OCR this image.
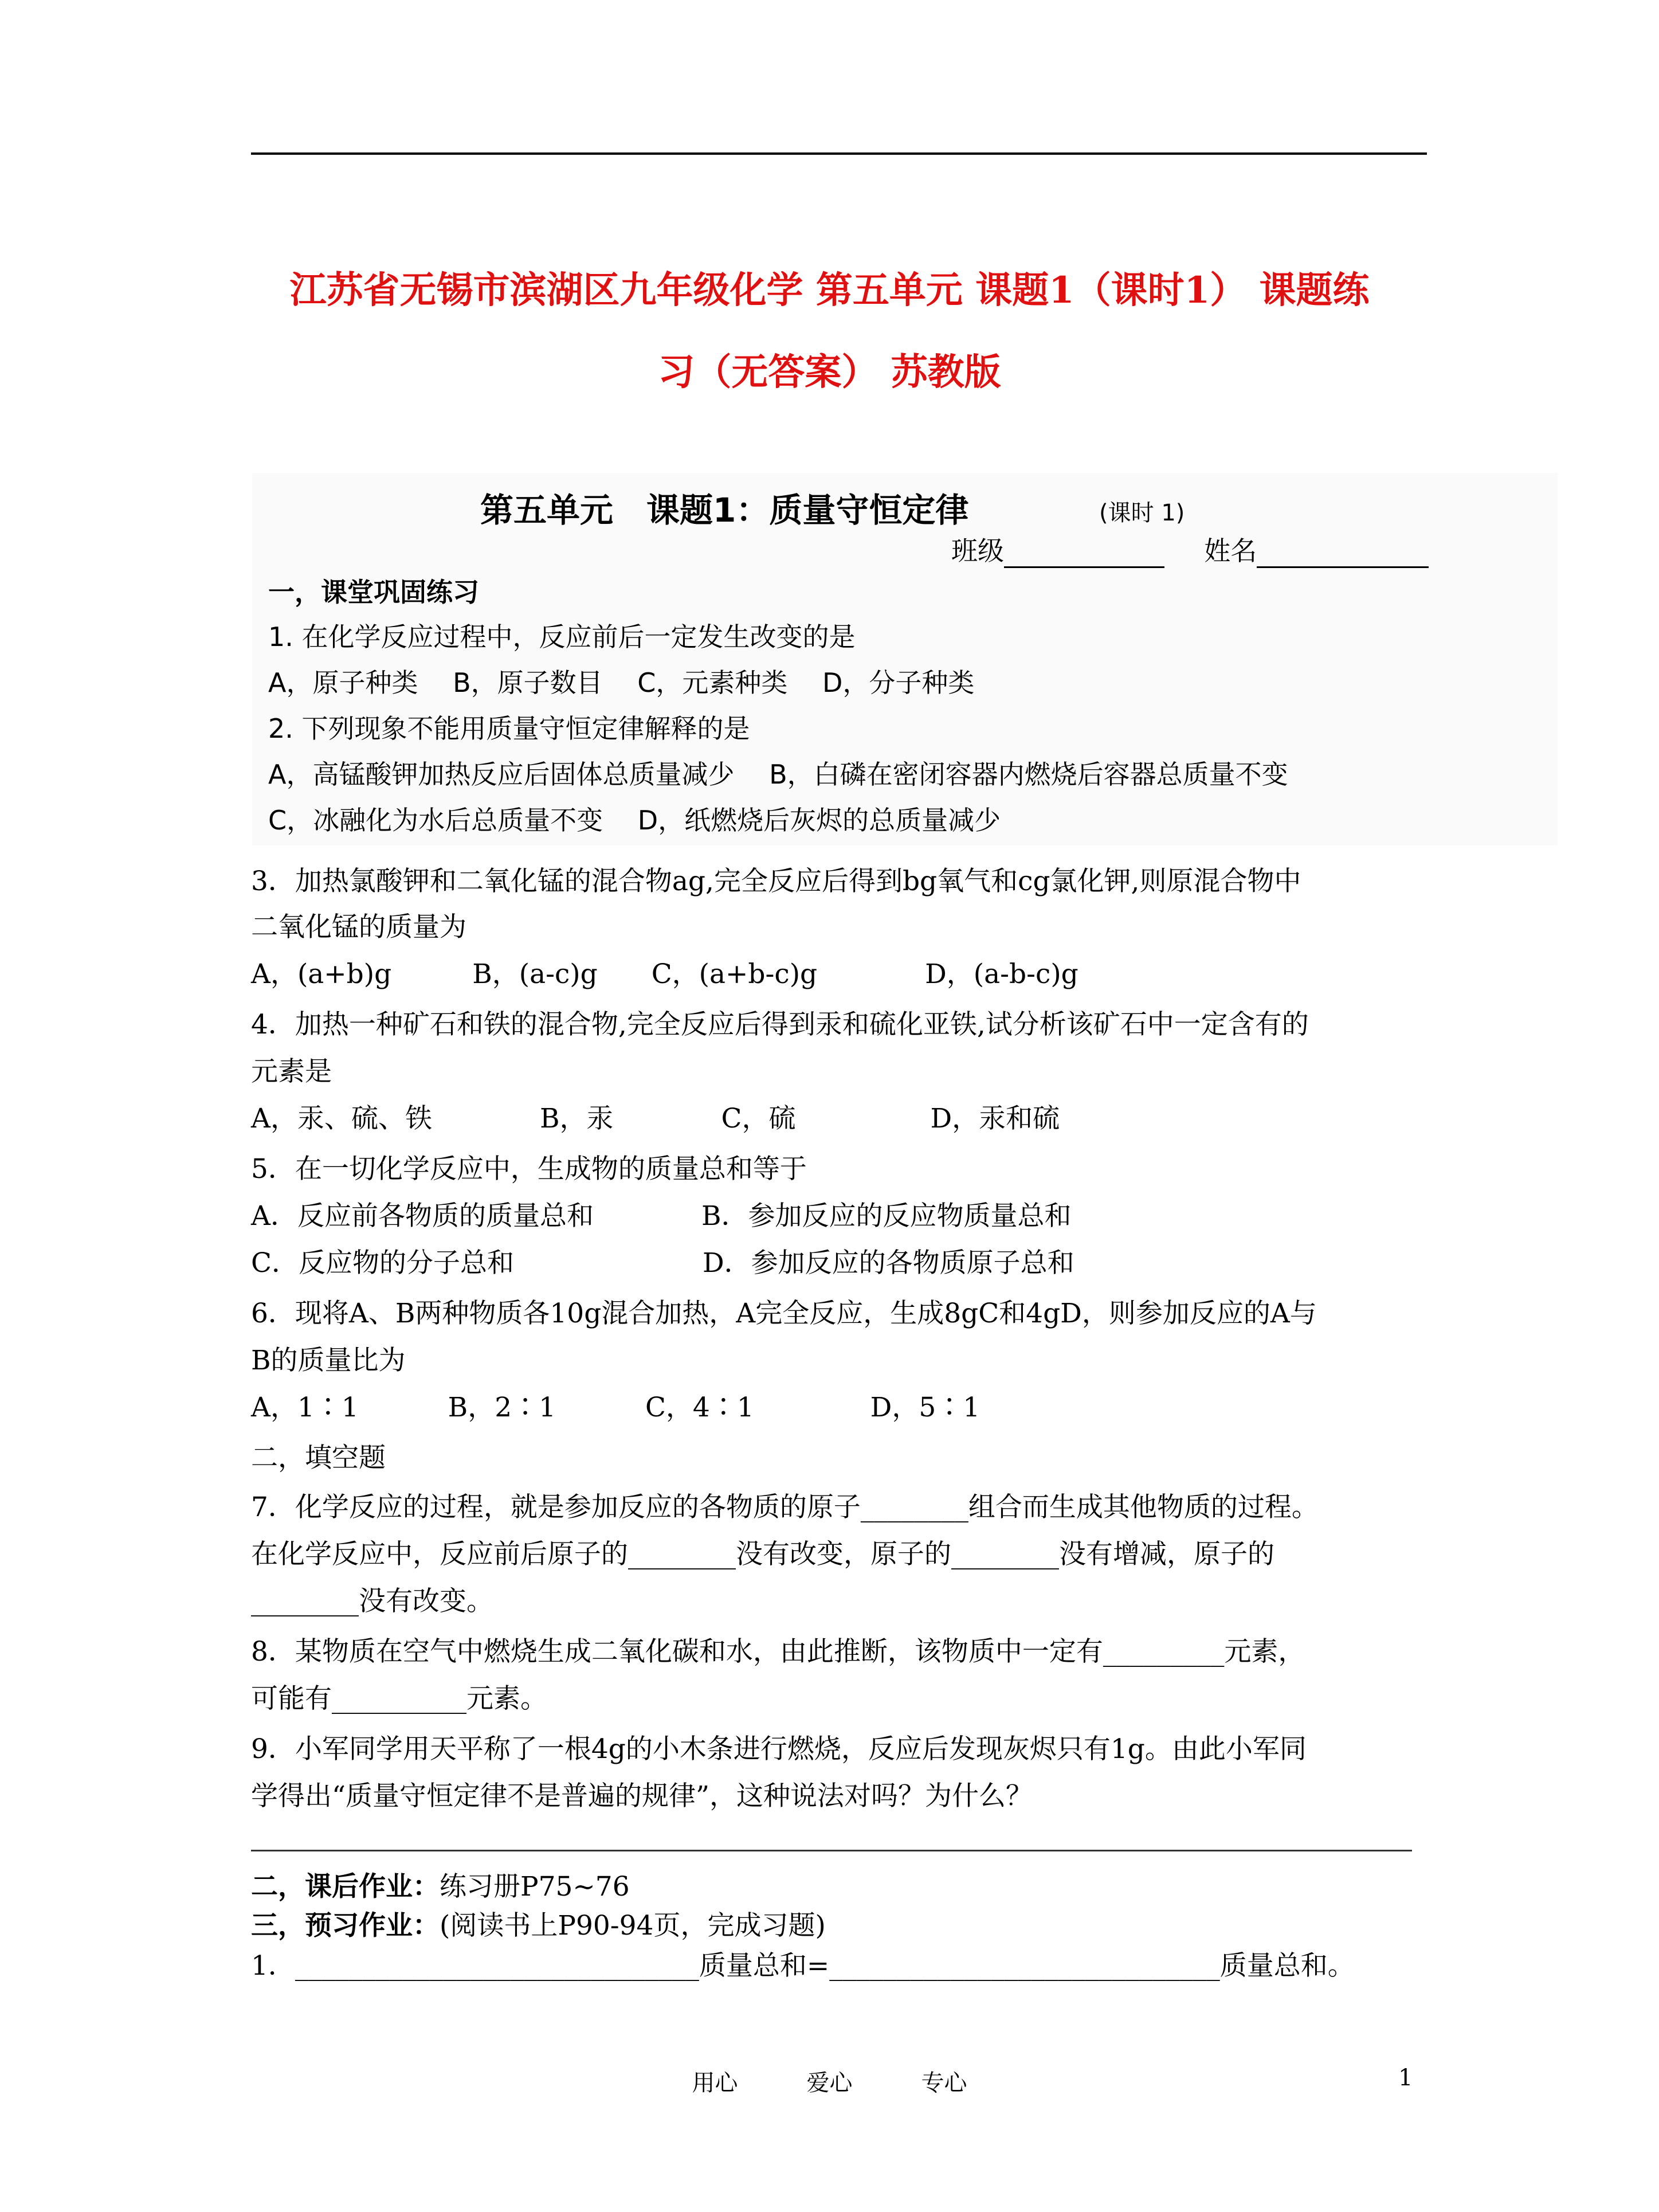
江苏省无锡市滨湖区九年级化学 第五单元 课题1（课时1） 课题练
习（无答案） 苏教版
第五单元　课题1：质量守恒定律	(课时 1)
班级	姓名
一，课堂巩固练习
1. 在化学反应过程中，反应前后一定发生改变的是
A，原子种类　 B，原子数目　 C，元素种类　 D，分子种类
2. 下列现象不能用质量守恒定律解释的是
A，高锰酸钾加热反应后固体总质量减少　 B，白磷在密闭容器内燃烧后容器总质量不变
C，冰融化为水后总质量不变　 D，纸燃烧后灰烬的总质量减少
3．加热氯酸钾和二氧化锰的混合物ag,完全反应后得到bg氧气和cg氯化钾,则原混合物中
二氧化锰的质量为
A，(a+b)g　　　B，(a-c)g　　C，(a+b-c)g　　　　D，(a-b-c)g
4．加热一种矿石和铁的混合物,完全反应后得到汞和硫化亚铁,试分析该矿石中一定含有的
元素是
A，汞、硫、铁　　　　B，汞　　　　C，硫　　　　　D，汞和硫
5．在一切化学反应中，生成物的质量总和等于
A．反应前各物质的质量总和　　　　B．参加反应的反应物质量总和
C．反应物的分子总和　　　　　　　D．参加反应的各物质原子总和
6．现将A、B两种物质各10g混合加热，A完全反应，生成8gC和4gD，则参加反应的A与
B的质量比为
A，1∶1　　　 B，2∶1　　　 C，4∶1　　　　 D，5∶1
二，填空题
7．化学反应的过程，就是参加反应的各物质的原子________组合而生成其他物质的过程。
在化学反应中，反应前后原子的________没有改变，原子的________没有增减，原子的
________没有改变。
8．某物质在空气中燃烧生成二氧化碳和水，由此推断，该物质中一定有_________元素，
可能有__________元素。
9．小军同学用天平称了一根4g的小木条进行燃烧，反应后发现灰烬只有1g。由此小军同
学得出“质量守恒定律不是普遍的规律”，这种说法对吗？为什么？
二，课后作业：练习册P75~76
三，预习作业：(阅读书上P90-94页，完成习题)
1．______________________________质量总和=_____________________________质量总和。
用心　　　爱心　　　专心	1
